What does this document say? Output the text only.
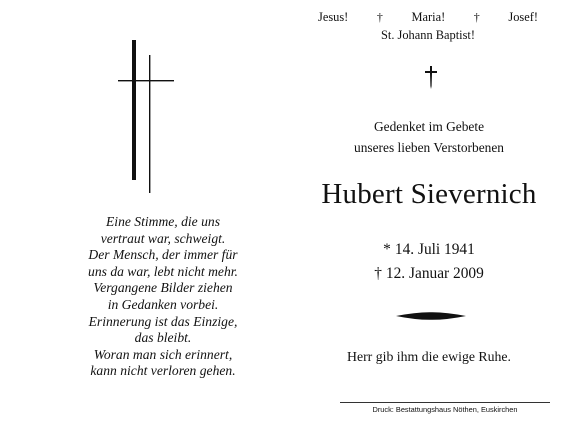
Eine Stimme, die uns
vertraut war, schweigt.
Der Mensch, der immer für
uns da war, lebt nicht mehr.
Vergangene Bilder ziehen
in Gedanken vorbei.
Erinnerung ist das Einzige,
das bleibt.
Woran man sich erinnert,
kann nicht verloren gehen.
Jesus! † Maria! † Josef!
St. Johann Baptist!
Gedenket im Gebete
unseres lieben Verstorbenen
Hubert Sievernich
* 14. Juli 1941
† 12. Januar 2009
Herr gib ihm die ewige Ruhe.
Druck: Bestattungshaus Nöthen, Euskirchen
